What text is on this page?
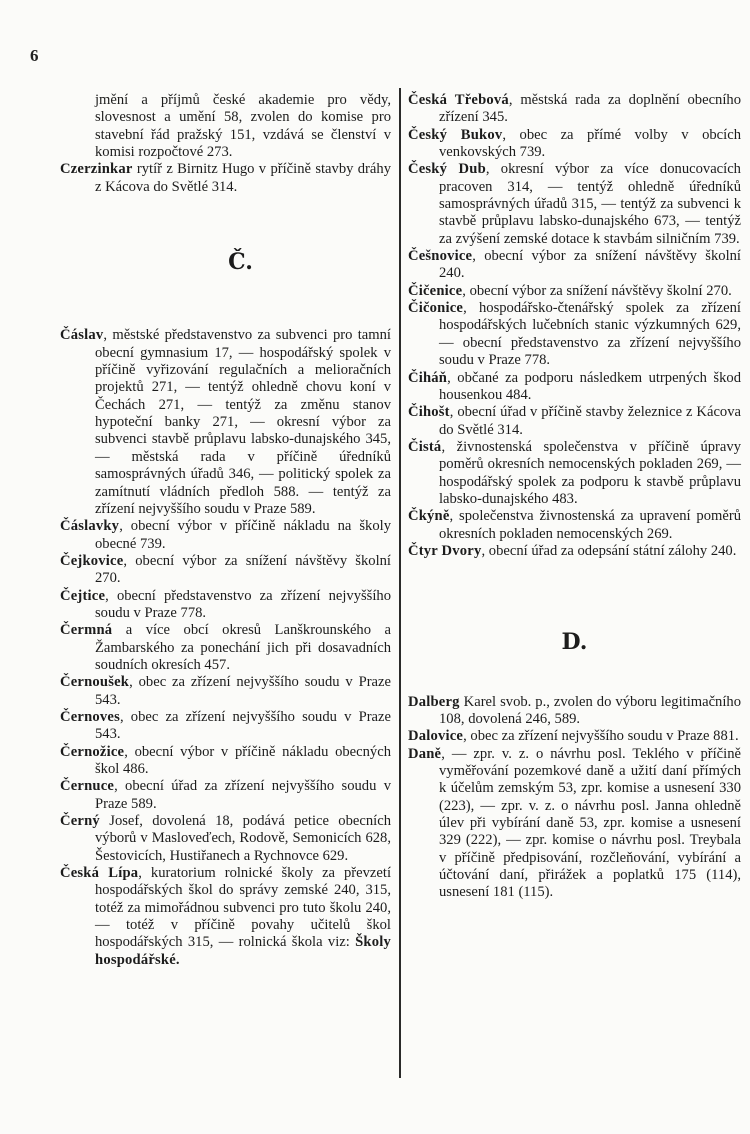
6

jmění a příjmů české akademie pro vědy, slovesnost a umění 58, zvolen do komise pro stavební řád pražský 151, vzdává se členství v komisi rozpočtové 273.

Czerzinkar rytíř z Birnitz Hugo v příčině stavby dráhy z Kácova do Světlé 314.

Č.

Čáslav, městské představenstvo za subvenci pro tamní obecní gymnasium 17, — hospodářský spolek v příčině vyřizování regulačních a melioračních projektů 271, — tentýž ohledně chovu koní v Čechách 271, — tentýž za změnu stanov hypoteční banky 271, — okresní výbor za subvenci stavbě průplavu labsko-dunajského 345, — městská rada v příčině úředníků samosprávných úřadů 346, — politický spolek za zamítnutí vládních předloh 588. — tentýž za zřízení nejvyššího soudu v Praze 589.

Čáslavky, obecní výbor v příčině nákladu na školy obecné 739.

Čejkovice, obecní výbor za snížení návštěvy školní 270.

Čejtice, obecní představenstvo za zřízení nejvyššího soudu v Praze 778.

Čermná a více obcí okresů Lanškrounského a Žambarského za ponechání jich při dosavadních soudních okresích 457.

Černoušek, obec za zřízení nejvyššího soudu v Praze 543.

Černoves, obec za zřízení nejvyššího soudu v Praze 543.

Černožice, obecní výbor v příčině nákladu obecných škol 486.

Černuce, obecní úřad za zřízení nejvyššího soudu v Praze 589.

Černý Josef, dovolená 18, podává petice obecních výborů v Masloveďech, Rodově, Semonicích 628, Šestovicích, Hustiřanech a Rychnovce 629.

Česká Lípa, kuratorium rolnické školy za převzetí hospodářských škol do správy zemské 240, 315, totéž za mimořádnou subvenci pro tuto školu 240, — totéž v příčině povahy učitelů škol hospodářských 315, — rolnická škola viz: Školy hospodářské.

Česká Třebová, městská rada za doplnění obecního zřízení 345.

Český Bukov, obec za přímé volby v obcích venkovských 739.

Český Dub, okresní výbor za více donucovacích pracoven 314, — tentýž ohledně úředníků samosprávných úřadů 315, — tentýž za subvenci k stavbě průplavu labsko-dunajského 673, — tentýž za zvýšení zemské dotace k stavbám silničním 739.

Češnovice, obecní výbor za snížení návštěvy školní 240.

Čičenice, obecní výbor za snížení návštěvy školní 270.

Čičonice, hospodářsko-čtenářský spolek za zřízení hospodářských lučebních stanic výzkumných 629, — obecní představenstvo za zřízení nejvyššího soudu v Praze 778.

Čiháň, občané za podporu následkem utrpených škod housenkou 484.

Čihošt, obecní úřad v příčině stavby železnice z Kácova do Světlé 314.

Čistá, živnostenská společenstva v příčině úpravy poměrů okresních nemocenských pokladen 269, — hospodářský spolek za podporu k stavbě průplavu labsko-dunajského 483.

Čkýně, společenstva živnostenská za upravení poměrů okresních pokladen nemocenských 269.

Čtyr Dvory, obecní úřad za odepsání státní zálohy 240.

D.

Dalberg Karel svob. p., zvolen do výboru legitimačního 108, dovolená 246, 589.

Dalovice, obec za zřízení nejvyššího soudu v Praze 881.

Daně, — zpr. v. z. o návrhu posl. Teklého v příčině vyměřování pozemkové daně a užití daní přímých k účelům zemským 53, zpr. komise a usnesení 330 (223), — zpr. v. z. o návrhu posl. Janna ohledně úlev při vybírání daně 53, zpr. komise a usnesení 329 (222), — zpr. komise o návrhu posl. Treybala v příčině předpisování, rozčleňování, vybírání a účtování daní, přirážek a poplatků 175 (114), usnesení 181 (115).
